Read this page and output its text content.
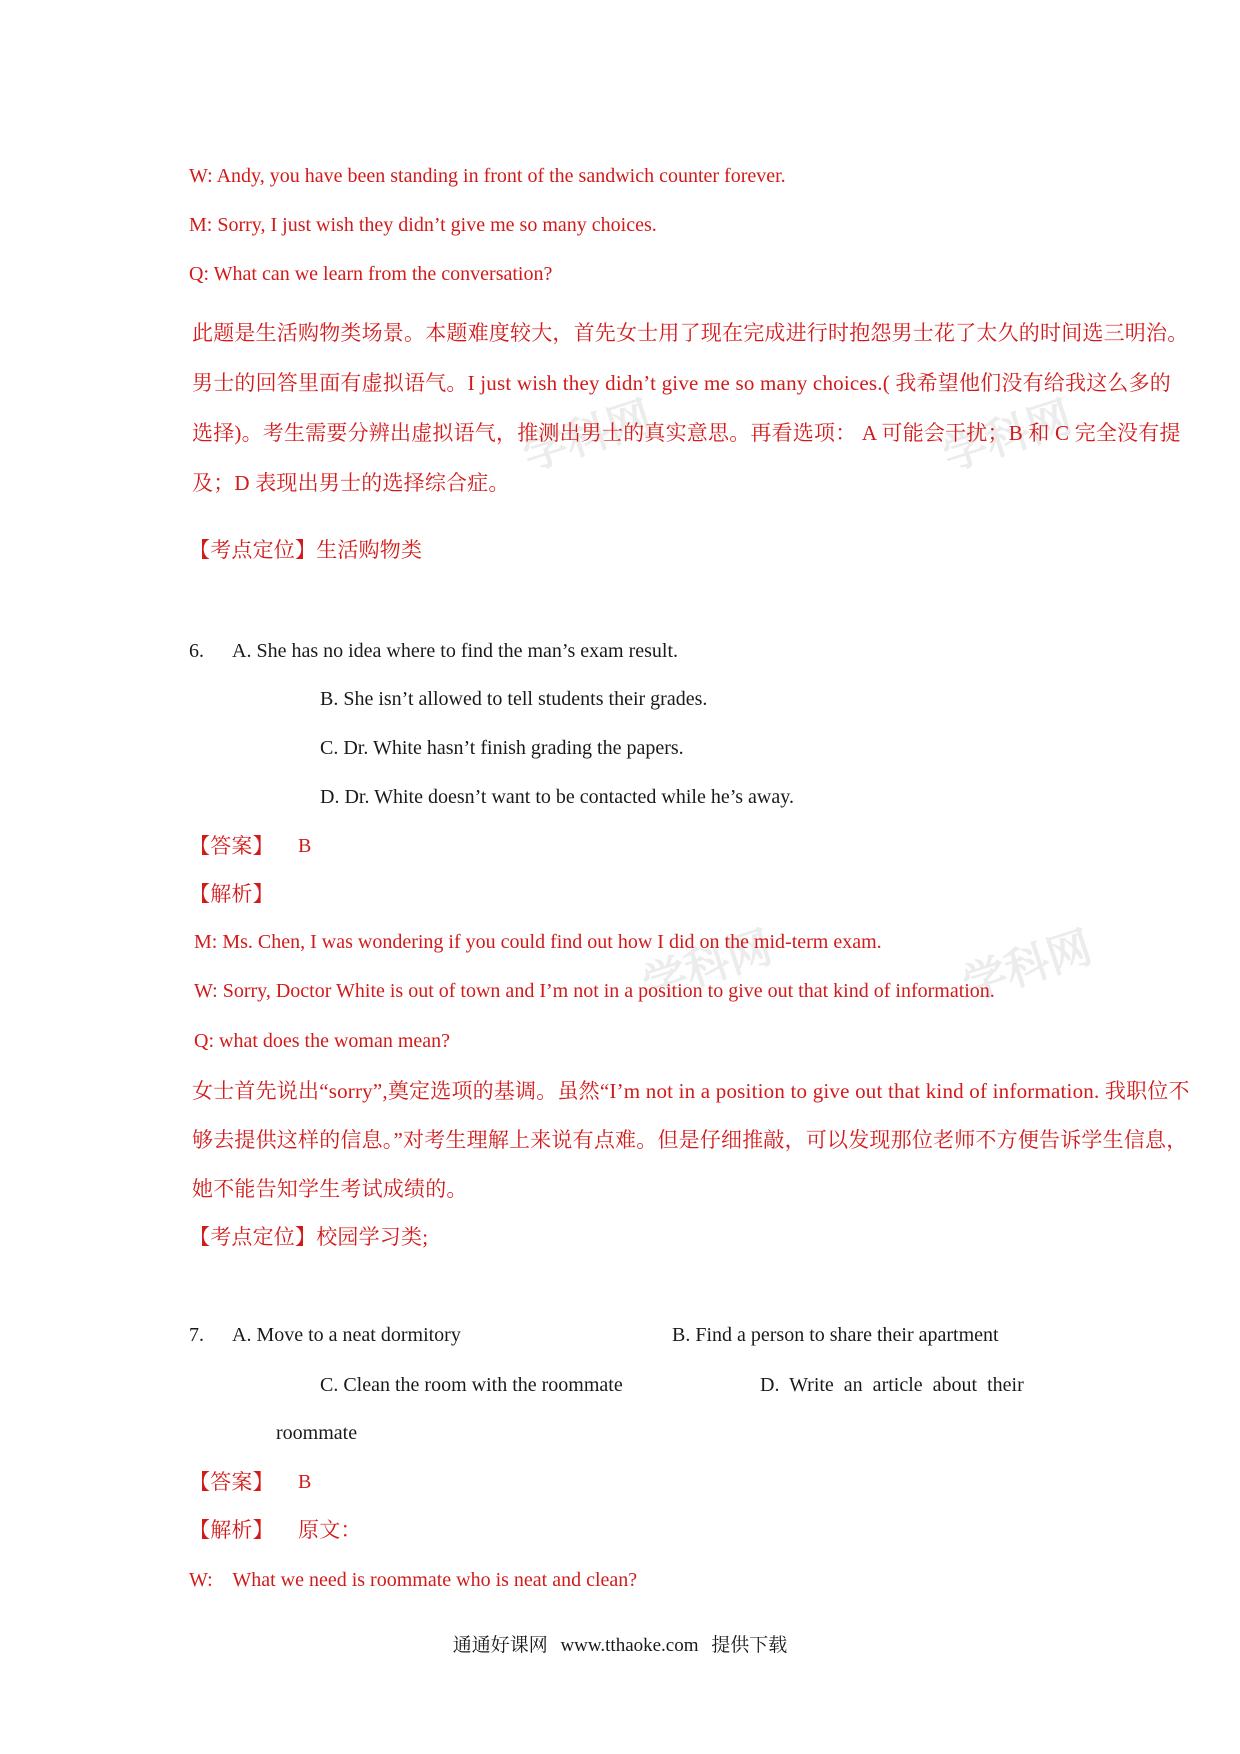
学科网	学科网
学科网	学科网
W: Andy, you have been standing in front of the sandwich counter forever.
M: Sorry, I just wish they didn’t give me so many choices.
Q: What can we learn from the conversation?
此题是生活购物类场景。本题难度较大，首先女士用了现在完成进行时抱怨男士花了太久的时间选三明治。
男士的回答里面有虚拟语气。I just wish they didn’t give me so many choices.( 我希望他们没有给我这么多的
选择)。考生需要分辨出虚拟语气，推测出男士的真实意思。再看选项： A 可能会干扰；B 和 C 完全没有提
及；D 表现出男士的选择综合症。
【考点定位】生活购物类
6. A. She has no idea where to find the man’s exam result.
B. She isn’t allowed to tell students their grades.
C. Dr. White hasn’t finish grading the papers.
D. Dr. White doesn’t want to be contacted while he’s away.
【答案】 B
【解析】
M: Ms. Chen, I was wondering if you could find out how I did on the mid-term exam.
W: Sorry, Doctor White is out of town and I’m not in a position to give out that kind of information.
Q: what does the woman mean?
女士首先说出“sorry”,奠定选项的基调。虽然“I’m not in a position to give out that kind of information. 我职位不
够去提供这样的信息。”对考生理解上来说有点难。但是仔细推敲，可以发现那位老师不方便告诉学生信息，
她不能告知学生考试成绩的。
【考点定位】校园学习类;
7. A. Move to a neat dormitory	B. Find a person to share their apartment
C. Clean the room with the roommate	D.  Write  an  article  about  their
roommate
【答案】 B
【解析】 原文：
W:    What we need is roommate who is neat and clean?
通通好课网 www.tthaoke.com 提供下载
